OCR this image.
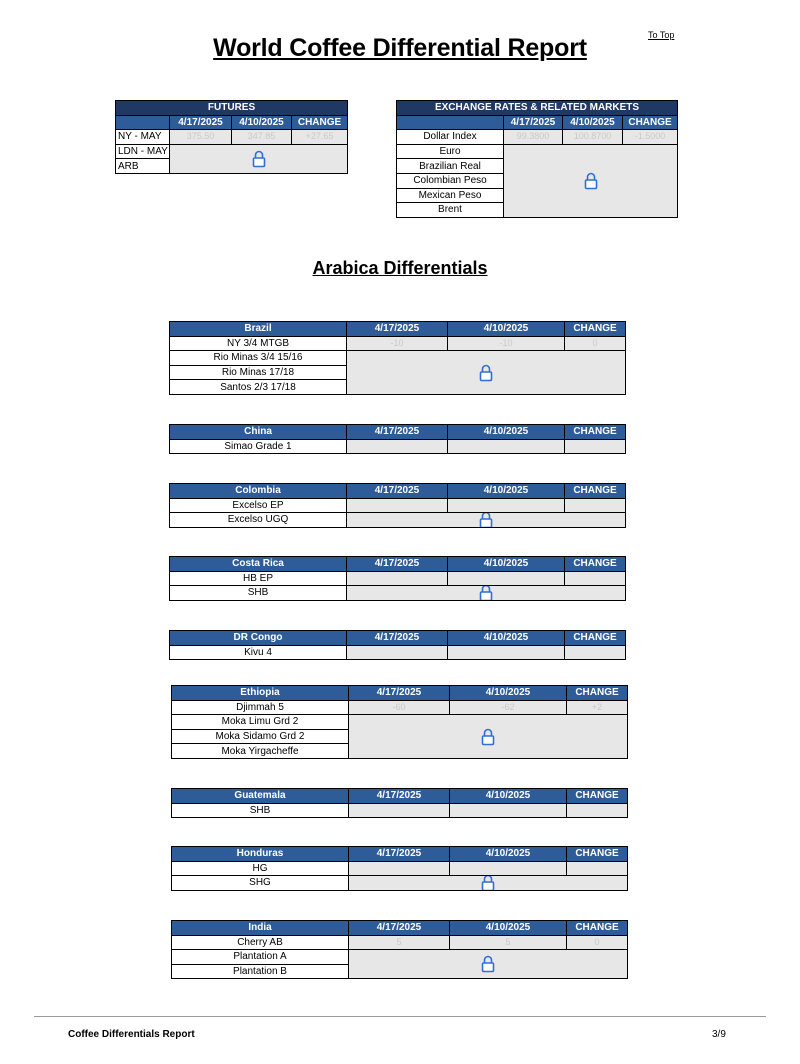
World Coffee Differential Report	To Top
FUTURES			
	4/17/2025	4/10/2025	CHANGE
NY - MAY	375.50	347.85	+27.65
LDN - MAY	

ARB			
EXCHANGE RATES & RELATED MARKETS			
	4/17/2025	4/10/2025	CHANGE
Dollar Index	99.3800	100.8700	-1.5000
Euro	

Brazilian Real			
Colombian Peso			
Mexican Peso			
Brent			
Brazil	4/17/2025	4/10/2025	CHANGE
NY 3/4 MTGB	-10	-10	0
Rio Minas 3/4 15/16	

Rio Minas 17/18			
Santos 2/3 17/18			
China	4/17/2025	4/10/2025	CHANGE
Simao Grade 1			
Colombia	4/17/2025	4/10/2025	CHANGE
Excelso EP			
Excelso UGQ	
Costa Rica	4/17/2025	4/10/2025	CHANGE
HB EP			
SHB	
DR Congo	4/17/2025	4/10/2025	CHANGE
Kivu 4			
Ethiopia	4/17/2025	4/10/2025	CHANGE
Djimmah 5	-60	-62	+2
Moka Limu Grd 2	

Moka Sidamo Grd 2			
Moka Yirgacheffe			
Guatemala	4/17/2025	4/10/2025	CHANGE
SHB			
Honduras	4/17/2025	4/10/2025	CHANGE
HG			
SHG	
India	4/17/2025	4/10/2025	CHANGE
Cherry AB	5	5	0
Plantation A	

Plantation B			
Arabica Differentials
Coffee Differentials Report	3/9
